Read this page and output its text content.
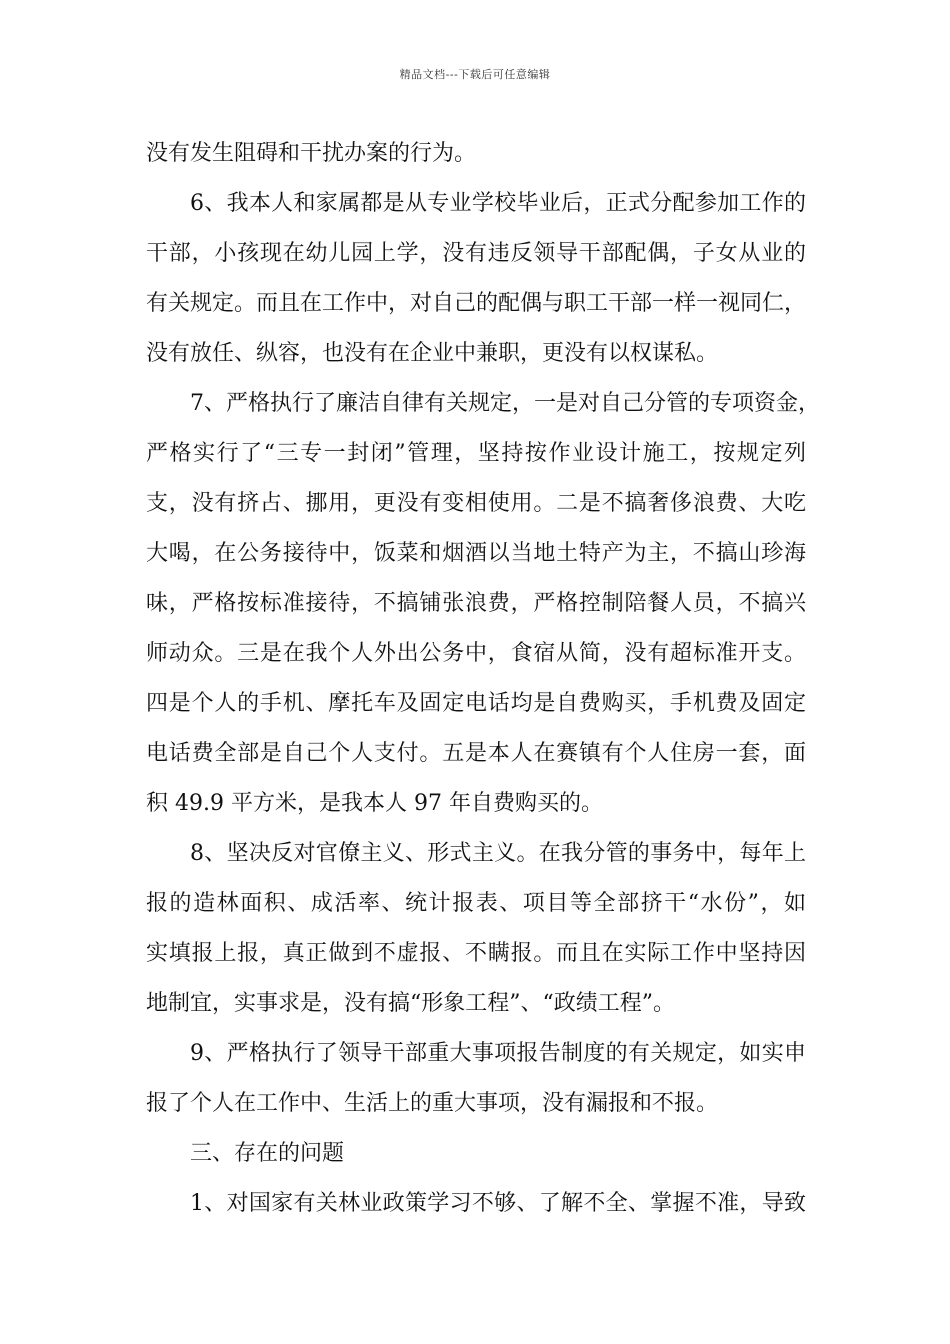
精品文档---下载后可任意编辑
没有发生阻碍和干扰办案的行为。
6、我本人和家属都是从专业学校毕业后，正式分配参加工作的
干部，小孩现在幼儿园上学，没有违反领导干部配偶，子女从业的
有关规定。而且在工作中，对自己的配偶与职工干部一样一视同仁，
没有放任、纵容，也没有在企业中兼职，更没有以权谋私。
7、严格执行了廉洁自律有关规定，一是对自己分管的专项资金，
严格实行了“三专一封闭”管理，坚持按作业设计施工，按规定列
支，没有挤占、挪用，更没有变相使用。二是不搞奢侈浪费、大吃
大喝，在公务接待中，饭菜和烟酒以当地土特产为主，不搞山珍海
味，严格按标准接待，不搞铺张浪费，严格控制陪餐人员，不搞兴
师动众。三是在我个人外出公务中，食宿从简，没有超标准开支。
四是个人的手机、摩托车及固定电话均是自费购买，手机费及固定
电话费全部是自己个人支付。五是本人在赛镇有个人住房一套，面
积 49.9 平方米，是我本人 97 年自费购买的。
8、坚决反对官僚主义、形式主义。在我分管的事务中，每年上
报的造林面积、成活率、统计报表、项目等全部挤干“水份”，如
实填报上报，真正做到不虚报、不瞒报。而且在实际工作中坚持因
地制宜，实事求是，没有搞“形象工程”、“政绩工程”。
9、严格执行了领导干部重大事项报告制度的有关规定，如实申
报了个人在工作中、生活上的重大事项，没有漏报和不报。
三、存在的问题
1、对国家有关林业政策学习不够、了解不全、掌握不准，导致
